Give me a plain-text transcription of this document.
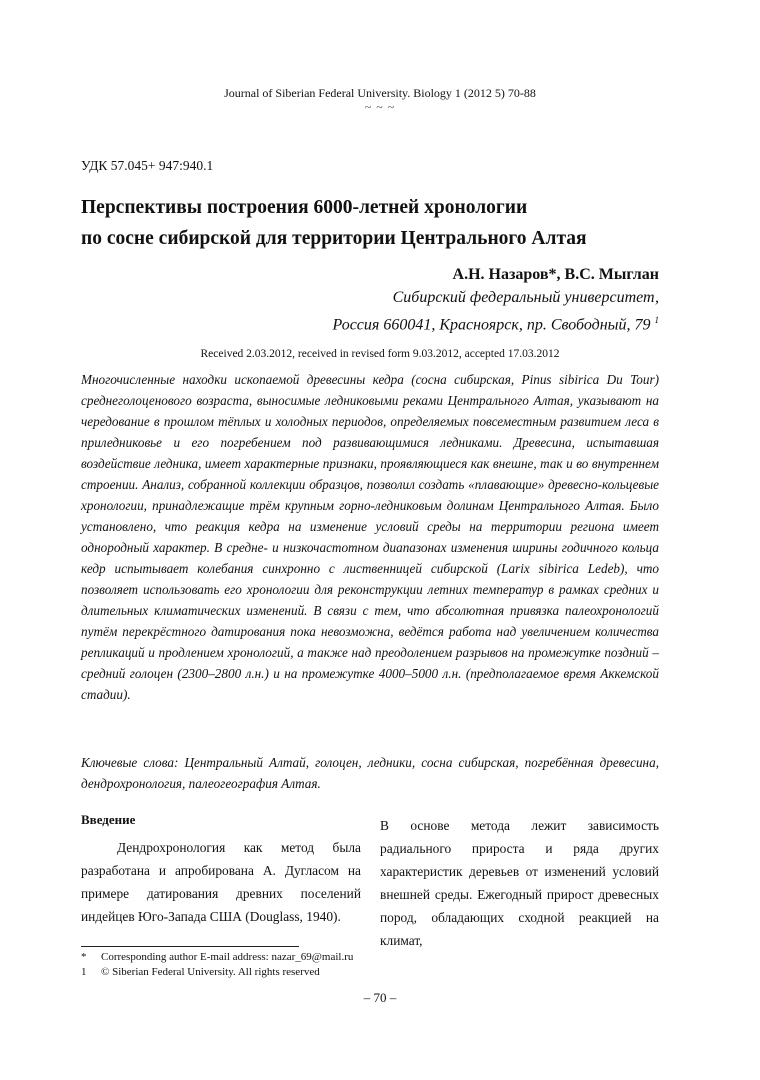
Journal of Siberian Federal University. Biology 1 (2012 5) 70-88
~ ~ ~
УДК 57.045+ 947:940.1
Перспективы построения 6000-летней хронологии
по сосне сибирской для территории Центрального Алтая
А.Н. Назаров*, В.С. Мыглан
Сибирский федеральный университет,
Россия 660041, Красноярск, пр. Свободный, 79 $^1$
Received 2.03.2012, received in revised form 9.03.2012, accepted 17.03.2012
Многочисленные находки ископаемой древесины кедра (сосна сибирская, Pinus sibirica Du Tour) среднеголоценового возраста, выносимые ледниковыми реками Центрального Алтая, указывают на чередование в прошлом тёплых и холодных периодов, определяемых повсеместным развитием леса в приледниковье и его погребением под развивающимися ледниками. Древесина, испытавшая воздействие ледника, имеет характерные признаки, проявляющиеся как внешне, так и во внутреннем строении. Анализ, собранной коллекции образцов, позволил создать «плавающие» древесно-кольцевые хронологии, принадлежащие трём крупным горно-ледниковым долинам Центрального Алтая. Было установлено, что реакция кедра на изменение условий среды на территории региона имеет однородный характер. В средне- и низкочастотном диапазонах изменения ширины годичного кольца кедр испытывает колебания синхронно с лиственницей сибирской (Larix sibirica Ledeb), что позволяет использовать его хронологии для реконструкции летних температур в рамках средних и длительных климатических изменений. В связи с тем, что абсолютная привязка палеохронологий путём перекрёстного датирования пока невозможна, ведётся работа над увеличением количества репликаций и продлением хронологий, а также над преодолением разрывов на промежутке поздний – средний голоцен (2300–2800 л.н.) и на промежутке 4000–5000 л.н. (предполагаемое время Аккемской стадии).
Ключевые слова: Центральный Алтай, голоцен, ледники, сосна сибирская, погребённая древесина, дендрохронология, палеогеография Алтая.
Введение
Дендрохронология как метод была разработана и апробирована А. Дугласом на примере датирования древних поселений индейцев Юго-Запада США (Douglass, 1940).
В основе метода лежит зависимость радиального прироста и ряда других характеристик деревьев от изменений условий внешней среды. Ежегодный прирост древесных пород, обладающих сходной реакцией на климат,
*	Corresponding author E-mail address: nazar_69@mail.ru
1	© Siberian Federal University. All rights reserved
– 70 –
